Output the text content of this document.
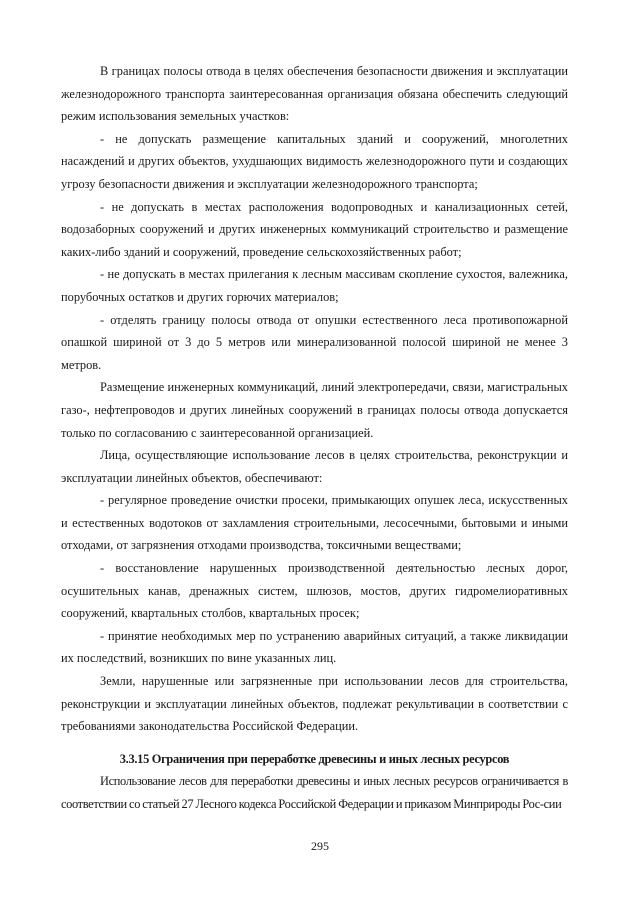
В границах полосы отвода в целях обеспечения безопасности движения и эксплуатации железнодорожного транспорта заинтересованная организация обязана обеспечить следующий режим использования земельных участков:

- не допускать размещение капитальных зданий и сооружений, многолетних насаждений и других объектов, ухудшающих видимость железнодорожного пути и создающих угрозу безопасности движения и эксплуатации железнодорожного транспорта;

- не допускать в местах расположения водопроводных и канализационных сетей, водозаборных сооружений и других инженерных коммуникаций строительство и размещение каких-либо зданий и сооружений, проведение сельскохозяйственных работ;

- не допускать в местах прилегания к лесным массивам скопление сухостоя, валежника, порубочных остатков и других горючих материалов;

- отделять границу полосы отвода от опушки естественного леса противопожарной опашкой шириной от 3 до 5 метров или минерализованной полосой шириной не менее 3 метров.

Размещение инженерных коммуникаций, линий электропередачи, связи, магистральных газо-, нефтепроводов и других линейных сооружений в границах полосы отвода допускается только по согласованию с заинтересованной организацией.

Лица, осуществляющие использование лесов в целях строительства, реконструкции и эксплуатации линейных объектов, обеспечивают:

- регулярное проведение очистки просеки, примыкающих опушек леса, искусственных и естественных водотоков от захламления строительными, лесосечными, бытовыми и иными отходами, от загрязнения отходами производства, токсичными веществами;

- восстановление нарушенных производственной деятельностью лесных дорог, осушительных канав, дренажных систем, шлюзов, мостов, других гидромелиоративных сооружений, квартальных столбов, квартальных просек;

- принятие необходимых мер по устранению аварийных ситуаций, а также ликвидации их последствий, возникших по вине указанных лиц.

Земли, нарушенные или загрязненные при использовании лесов для строительства, реконструкции и эксплуатации линейных объектов, подлежат рекультивации в соответствии с требованиями законодательства Российской Федерации.

3.3.15 Ограничения при переработке древесины и иных лесных ресурсов

Использование лесов для переработки древесины и иных лесных ресурсов ограничивается в соответствии со статьей 27 Лесного кодекса Российской Федерации и приказом Минприроды Рос-сии

295
